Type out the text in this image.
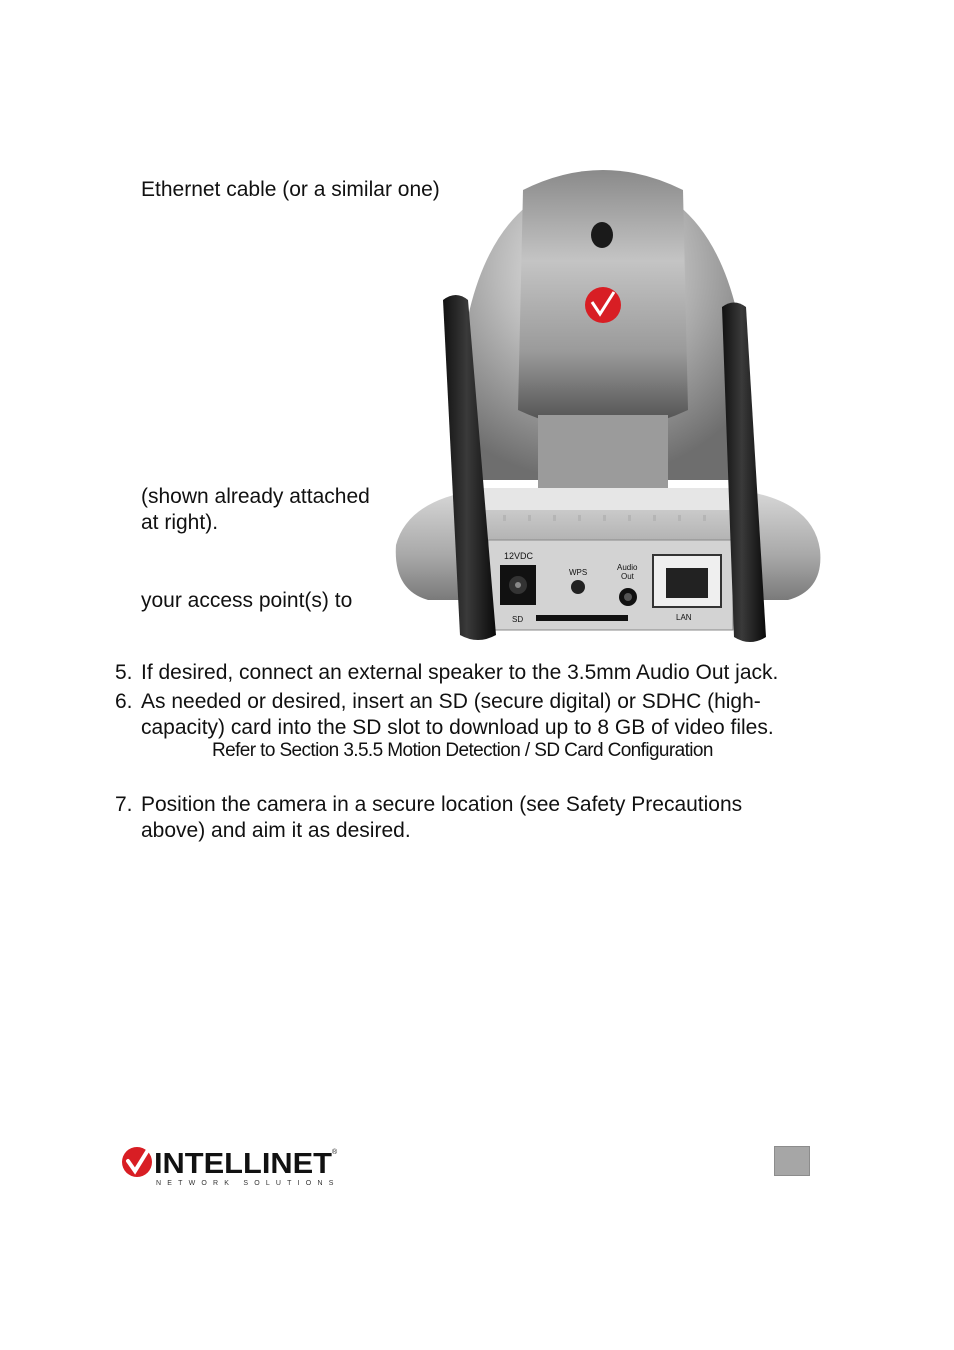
Ethernet cable (or a similar one)
(shown already attached
at right).
your access point(s) to
12VDC
WPS
Audio
Out
SD	LAN
5. If desired, connect an external speaker to the 3.5mm Audio Out jack.
6. As needed or desired, insert an SD (secure digital) or SDHC (high-
capacity) card into the SD slot to download up to 8 GB of video files.
Refer to Section 3.5.5 Motion Detection / SD Card Configuration
7. Position the camera in a secure location (see Safety Precautions
above) and aim it as desired.
INTELLINET ®
NETWORK SOLUTIONS
